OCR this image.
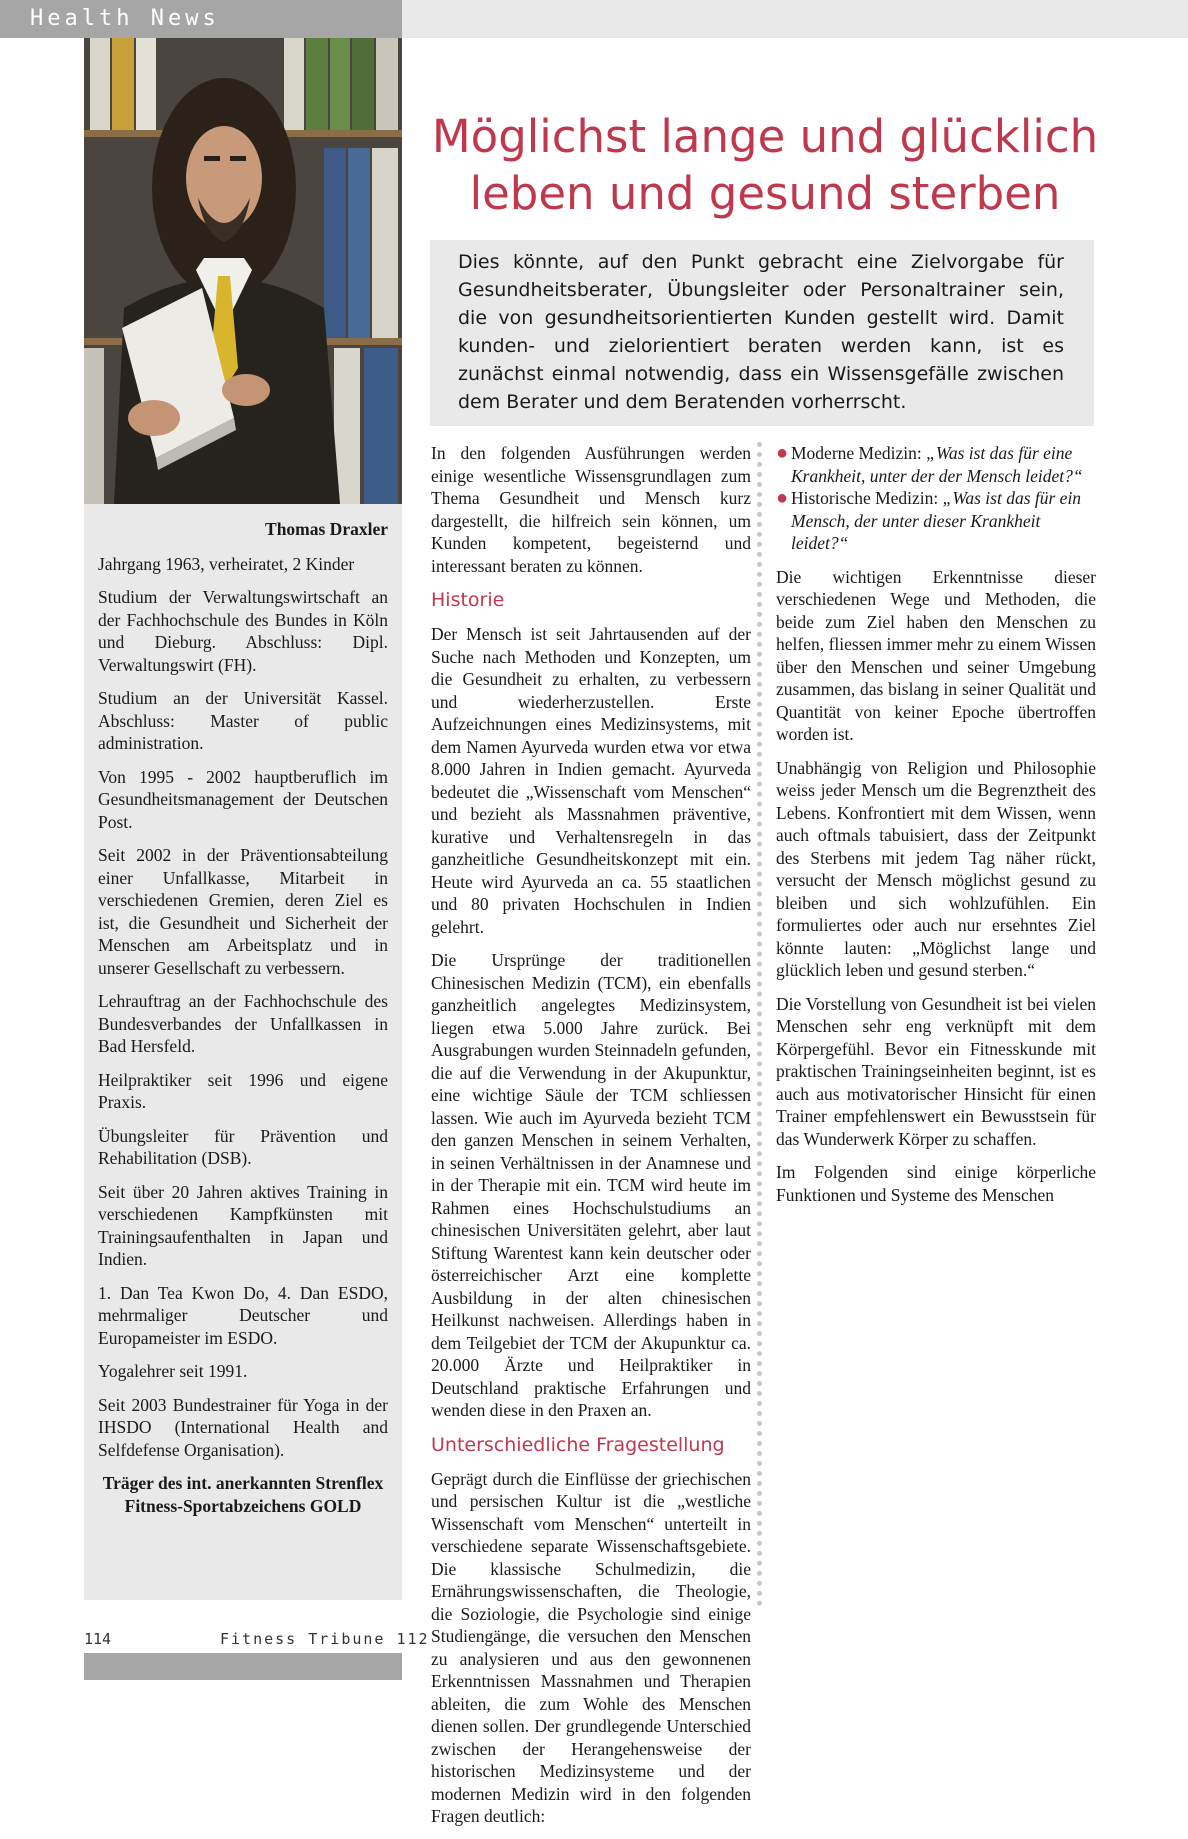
Health News
Thomas Draxler

Jahrgang 1963, verheiratet, 2 Kinder

Studium der Verwaltungswirtschaft an der Fachhochschule des Bundes in Köln und Dieburg. Abschluss: Dipl. Verwaltungswirt (FH).

Studium an der Universität Kassel. Abschluss: Master of public administration.

Von 1995 - 2002 hauptberuflich im Gesundheitsmanagement der Deutschen Post.

Seit 2002 in der Präventionsabteilung einer Unfallkasse, Mitarbeit in verschiedenen Gremien, deren Ziel es ist, die Gesundheit und Sicherheit der Menschen am Arbeitsplatz und in unserer Gesellschaft zu verbessern.

Lehrauftrag an der Fachhochschule des Bundesverbandes der Unfallkassen in Bad Hersfeld.

Heilpraktiker seit 1996 und eigene Praxis.

Übungsleiter für Prävention und Rehabilitation (DSB).

Seit über 20 Jahren aktives Training in verschiedenen Kampfkünsten mit Trainingsaufenthalten in Japan und Indien.

1. Dan Tea Kwon Do, 4. Dan ESDO, mehrmaliger Deutscher und Europameister im ESDO.

Yogalehrer seit 1991.

Seit 2003 Bundestrainer für Yoga in der IHSDO (International Health and Selfdefense Organisation).

Träger des int. anerkannten Strenflex Fitness-Sportabzeichens GOLD
Möglichst lange und glücklich leben und gesund sterben

Dies könnte, auf den Punkt gebracht eine Zielvorgabe für Gesundheitsberater, Übungsleiter oder Personaltrainer sein, die von gesundheitsorientierten Kunden gestellt wird. Damit kunden- und zielorientiert beraten werden kann, ist es zunächst einmal notwendig, dass ein Wissensgefälle zwischen dem Berater und dem Beratenden vorherrscht.

In den folgenden Ausführungen werden einige wesentliche Wissensgrundlagen zum Thema Gesundheit und Mensch kurz dargestellt, die hilfreich sein können, um Kunden kompetent, begeisternd und interessant beraten zu können.

Historie

Der Mensch ist seit Jahrtausenden auf der Suche nach Methoden und Konzepten, um die Gesundheit zu erhalten, zu verbessern und wiederherzustellen. Erste Aufzeichnungen eines Medizinsystems, mit dem Namen Ayurveda wurden etwa vor etwa 8.000 Jahren in Indien gemacht. Ayurveda bedeutet die „Wissenschaft vom Menschen“ und bezieht als Massnahmen präventive, kurative und Verhaltensregeln in das ganzheitliche Gesundheitskonzept mit ein. Heute wird Ayurveda an ca. 55 staatlichen und 80 privaten Hochschulen in Indien gelehrt.

Die Ursprünge der traditionellen Chinesischen Medizin (TCM), ein ebenfalls ganzheitlich angelegtes Medizinsystem, liegen etwa 5.000 Jahre zurück. Bei Ausgrabungen wurden Steinnadeln gefunden, die auf die Verwendung in der Akupunktur, eine wichtige Säule der TCM schliessen lassen. Wie auch im Ayurveda bezieht TCM den ganzen Menschen in seinem Verhalten, in seinen Verhältnissen in der Anamnese und in der Therapie mit ein. TCM wird heute im Rahmen eines Hochschulstudiums an chinesischen Universitäten gelehrt, aber laut Stiftung Warentest kann kein deutscher oder österreichischer Arzt eine komplette Ausbildung in der alten chinesischen Heilkunst nachweisen. Allerdings haben in dem Teilgebiet der TCM der Akupunktur ca. 20.000 Ärzte und Heilpraktiker in Deutschland praktische Erfahrungen und wenden diese in den Praxen an.

Unterschiedliche Fragestellung

Geprägt durch die Einflüsse der griechischen und persischen Kultur ist die „westliche Wissenschaft vom Menschen“ unterteilt in verschiedene separate Wissenschaftsgebiete. Die klassische Schulmedizin, die Ernährungswissenschaften, die Theologie, die Soziologie, die Psychologie sind einige Studiengänge, die versuchen den Menschen zu analysieren und aus den gewonnenen Erkenntnissen Massnahmen und Therapien ableiten, die zum Wohle des Menschen dienen sollen. Der grundlegende Unterschied zwischen der Herangehensweise der historischen Medizinsysteme und der modernen Medizin wird in den folgenden Fragen deutlich:

● Moderne Medizin: „Was ist das für eine Krankheit, unter der der Mensch leidet?“
● Historische Medizin: „Was ist das für ein Mensch, der unter dieser Krankheit leidet?“

Die wichtigen Erkenntnisse dieser verschiedenen Wege und Methoden, die beide zum Ziel haben den Menschen zu helfen, fliessen immer mehr zu einem Wissen über den Menschen und seiner Umgebung zusammen, das bislang in seiner Qualität und Quantität von keiner Epoche übertroffen worden ist.

Unabhängig von Religion und Philosophie weiss jeder Mensch um die Begrenztheit des Lebens. Konfrontiert mit dem Wissen, wenn auch oftmals tabuisiert, dass der Zeitpunkt des Sterbens mit jedem Tag näher rückt, versucht der Mensch möglichst gesund zu bleiben und sich wohlzufühlen. Ein formuliertes oder auch nur ersehntes Ziel könnte lauten: „Möglichst lange und glücklich leben und gesund sterben.“

Die Vorstellung von Gesundheit ist bei vielen Menschen sehr eng verknüpft mit dem Körpergefühl. Bevor ein Fitnesskunde mit praktischen Trainingseinheiten beginnt, ist es auch aus motivatorischer Hinsicht für einen Trainer empfehlenswert ein Bewusstsein für das Wunderwerk Körper zu schaffen.

Im Folgenden sind einige körperliche Funktionen und Systeme des Menschen

114	Fitness Tribune 112
